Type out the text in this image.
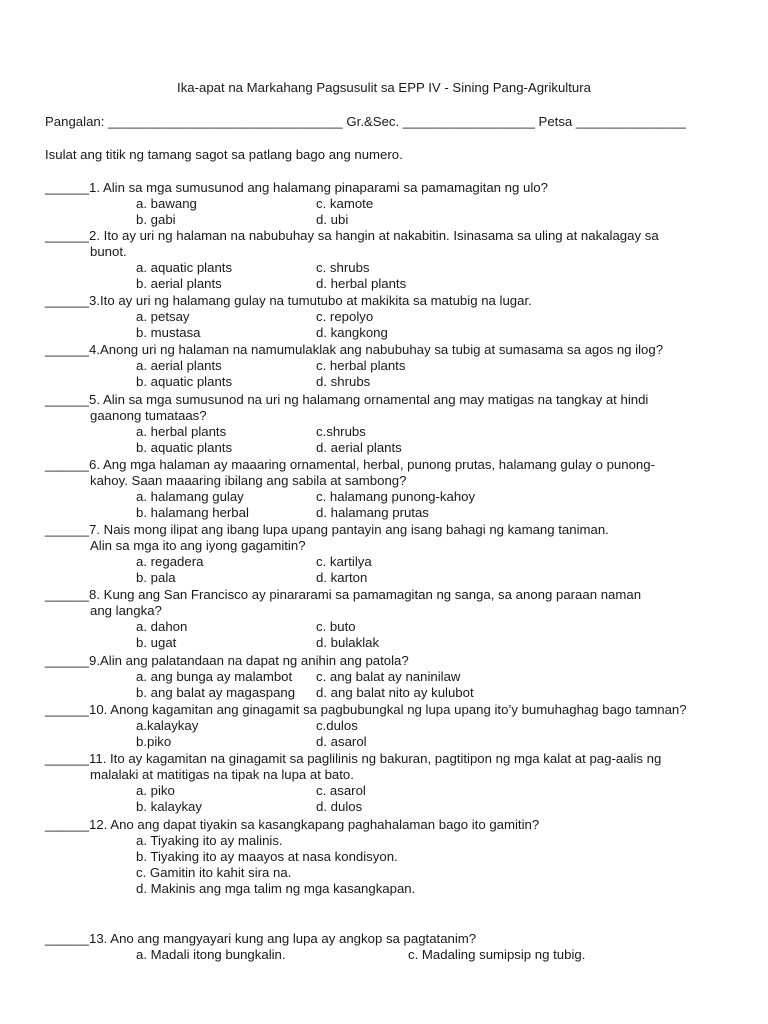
Ika-apat na Markahang Pagsusulit sa EPP IV - Sining Pang-Agrikultura
Pangalan: ________________________________ Gr.&Sec. __________________ Petsa _______________
Isulat ang titik ng tamang sagot sa patlang bago ang numero.
______1. Alin sa mga sumusunod ang halamang pinaparami sa pamamagitan ng ulo?
a. bawang	c. kamote
b. gabi	d. ubi
______2. Ito ay uri ng halaman na nabubuhay sa hangin at nakabitin. Isinasama sa uling at nakalagay sa
bunot.
a. aquatic plants	c. shrubs
b. aerial plants	d. herbal plants
______3.Ito ay uri ng halamang gulay na tumutubo at makikita sa matubig na lugar.
a. petsay	c. repolyo
b. mustasa	d. kangkong
______4.Anong uri ng halaman na namumulaklak ang nabubuhay sa tubig at sumasama sa agos ng ilog?
a. aerial plants	c. herbal plants
b. aquatic plants	d. shrubs
______5. Alin sa mga sumusunod na uri ng halamang ornamental ang may matigas na tangkay at hindi
gaanong tumataas?
a. herbal plants	c.shrubs
b. aquatic plants	d. aerial plants
______6. Ang mga halaman ay maaaring ornamental, herbal, punong prutas, halamang gulay o punong-
kahoy. Saan maaaring ibilang ang sabila at sambong?
a. halamang gulay	c. halamang punong-kahoy
b. halamang herbal	d. halamang prutas
______7. Nais mong ilipat ang ibang lupa upang pantayin ang isang bahagi ng kamang taniman.
Alin sa mga ito ang iyong gagamitin?
a. regadera	c. kartilya
b. pala	d. karton
______8. Kung ang San Francisco ay pinararami sa pamamagitan ng sanga, sa anong paraan naman
ang langka?
a. dahon	c. buto
b. ugat	d. bulaklak
______9.Alin ang palatandaan na dapat ng anihin ang patola?
a. ang bunga ay malambot	c. ang balat ay naninilaw
b. ang balat ay magaspang	d. ang balat nito ay kulubot
______10. Anong kagamitan ang ginagamit sa pagbubungkal ng lupa upang ito’y bumuhaghag bago tamnan?
a.kalaykay	c.dulos
b.piko	d. asarol
______11. Ito ay kagamitan na ginagamit sa paglilinis ng bakuran, pagtitipon ng mga kalat at pag-aalis ng
malalaki at matitigas na tipak na lupa at bato.
a. piko	c. asarol
b. kalaykay	d. dulos
______12. Ano ang dapat tiyakin sa kasangkapang paghahalaman bago ito gamitin?
a. Tiyaking ito ay malinis.
b. Tiyaking ito ay maayos at nasa kondisyon.
c. Gamitin ito kahit sira na.
d. Makinis ang mga talim ng mga kasangkapan.
______13. Ano ang mangyayari kung ang lupa ay angkop sa pagtatanim?
a. Madali itong bungkalin.	c. Madaling sumipsip ng tubig.
